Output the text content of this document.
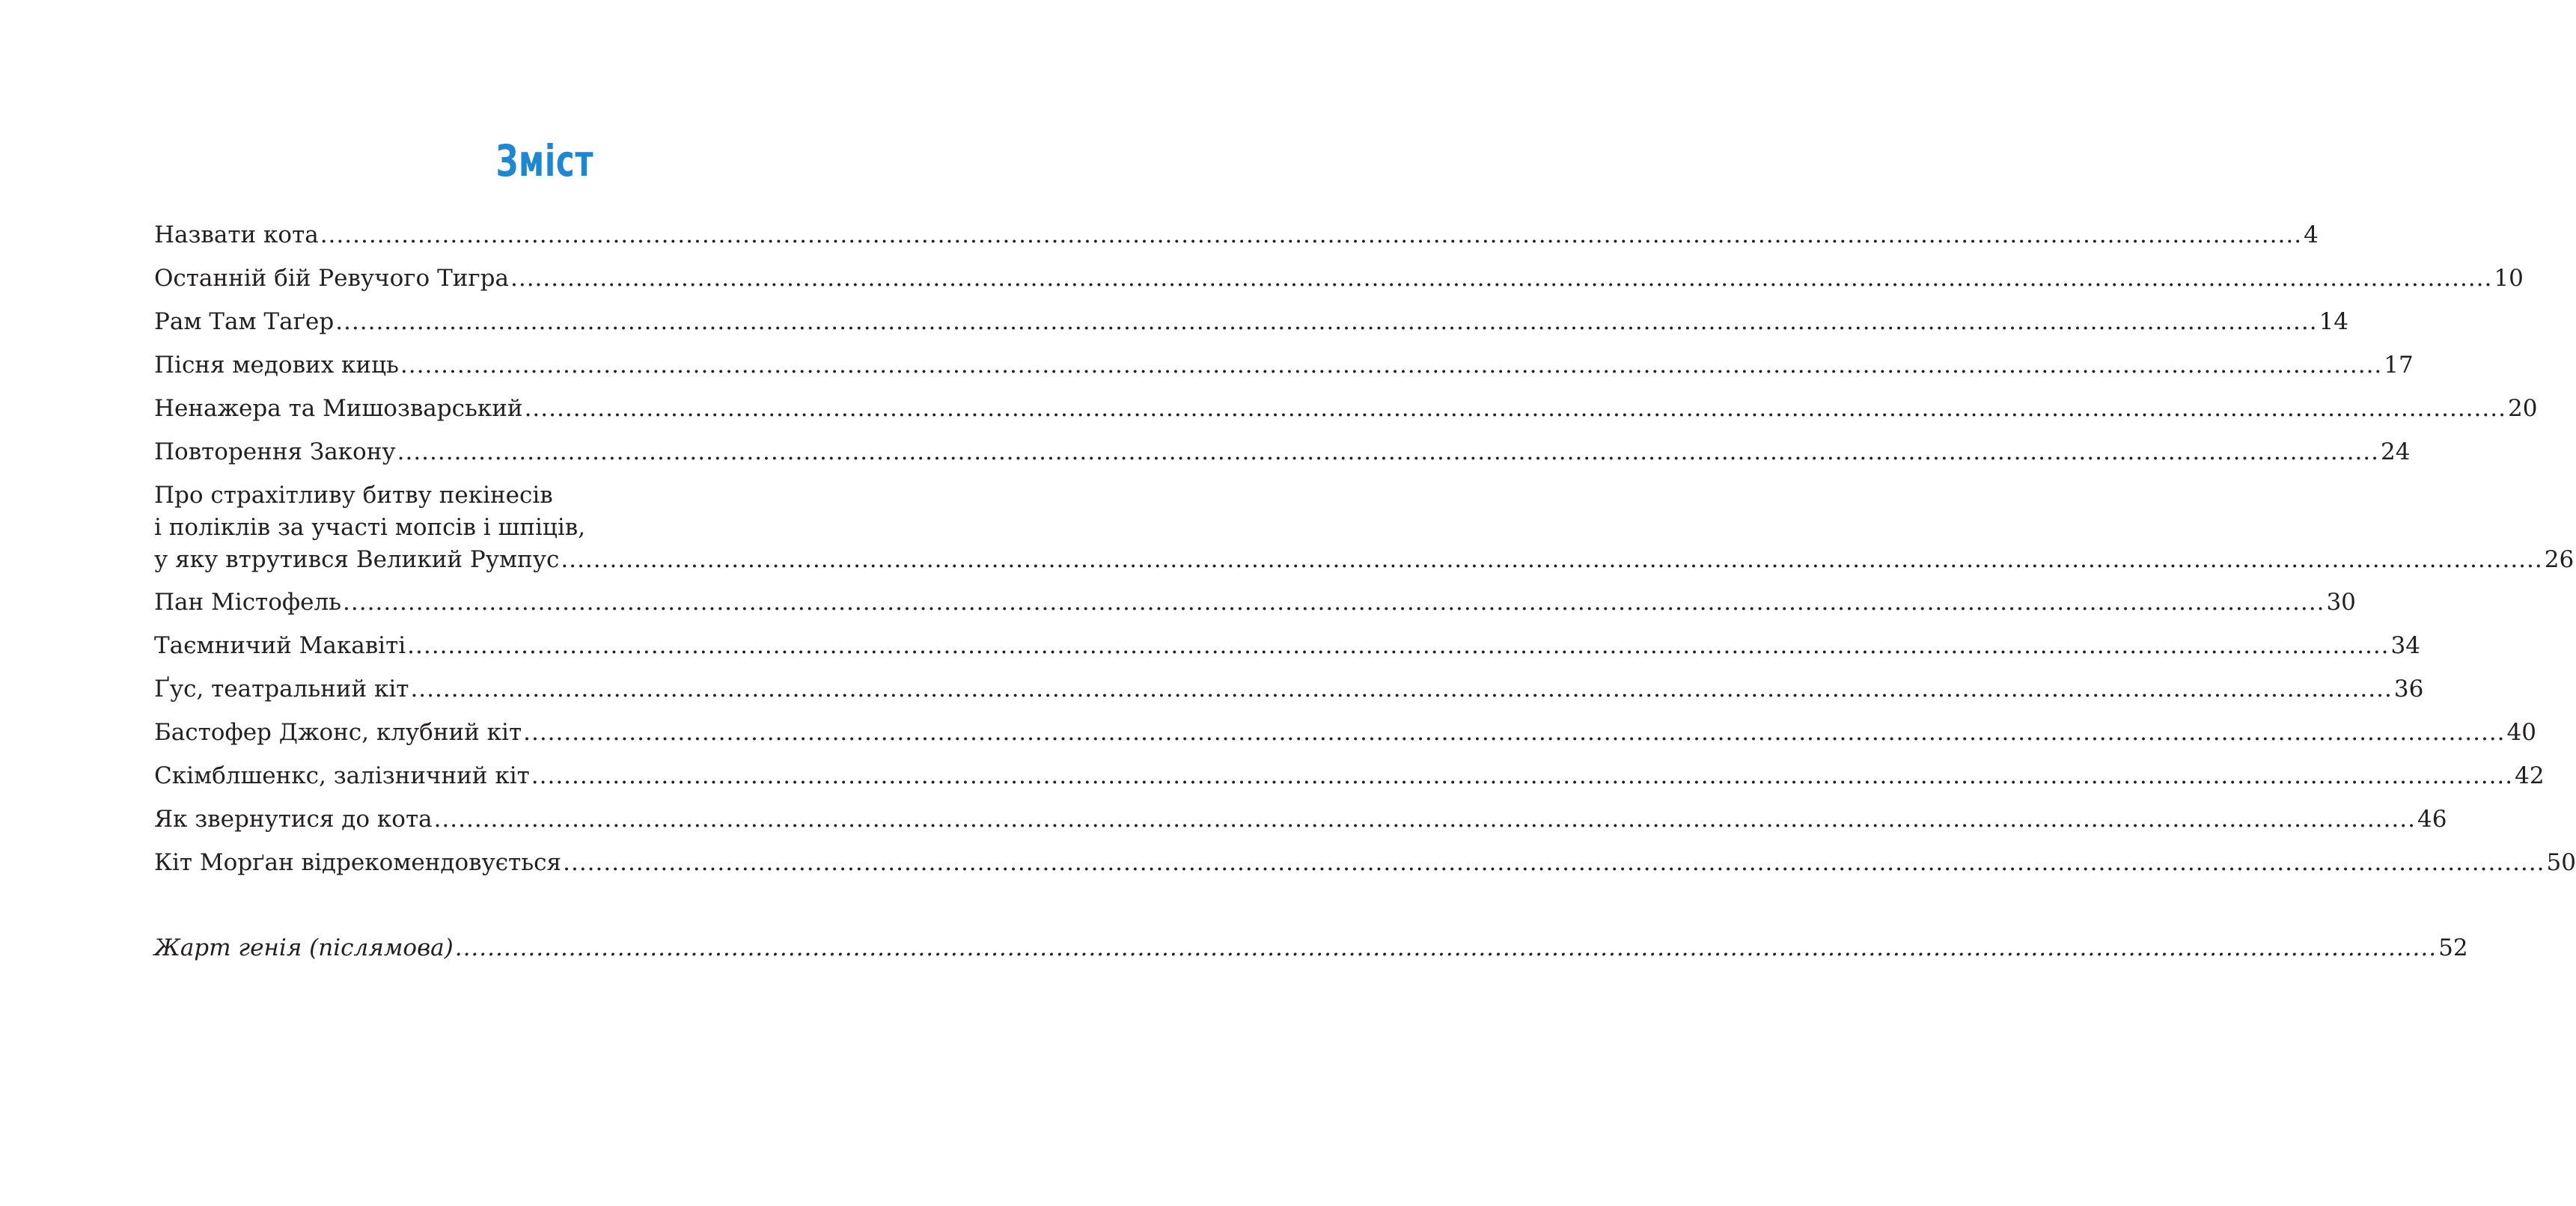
Зміст
Назвати кота .................................................................................................................................................................................................................................................... 4
Останній бій Ревучого Тигра .................................................................................................................................................................................................................................................... 10
Рам Там Таґер .................................................................................................................................................................................................................................................... 14
Пісня медових киць .................................................................................................................................................................................................................................................... 17
Ненажера та Мишозварський .................................................................................................................................................................................................................................................... 20
Повторення Закону .................................................................................................................................................................................................................................................... 24
Про страхітливу битву пекінесів
і поліклів за участі мопсів і шпіців,
у яку втрутився Великий Румпус .................................................................................................................................................................................................................................................... 26
Пан Містофель .................................................................................................................................................................................................................................................... 30
Таємничий Макавіті .................................................................................................................................................................................................................................................... 34
Ґус, театральний кіт .................................................................................................................................................................................................................................................... 36
Бастофер Джонс, клубний кіт .................................................................................................................................................................................................................................................... 40
Скімблшенкс, залізничний кіт .................................................................................................................................................................................................................................................... 42
Як звернутися до кота .................................................................................................................................................................................................................................................... 46
Кіт Морґан відрекомендовується .................................................................................................................................................................................................................................................... 50
Жарт генія (післямова) .................................................................................................................................................................................................................................................... 52
